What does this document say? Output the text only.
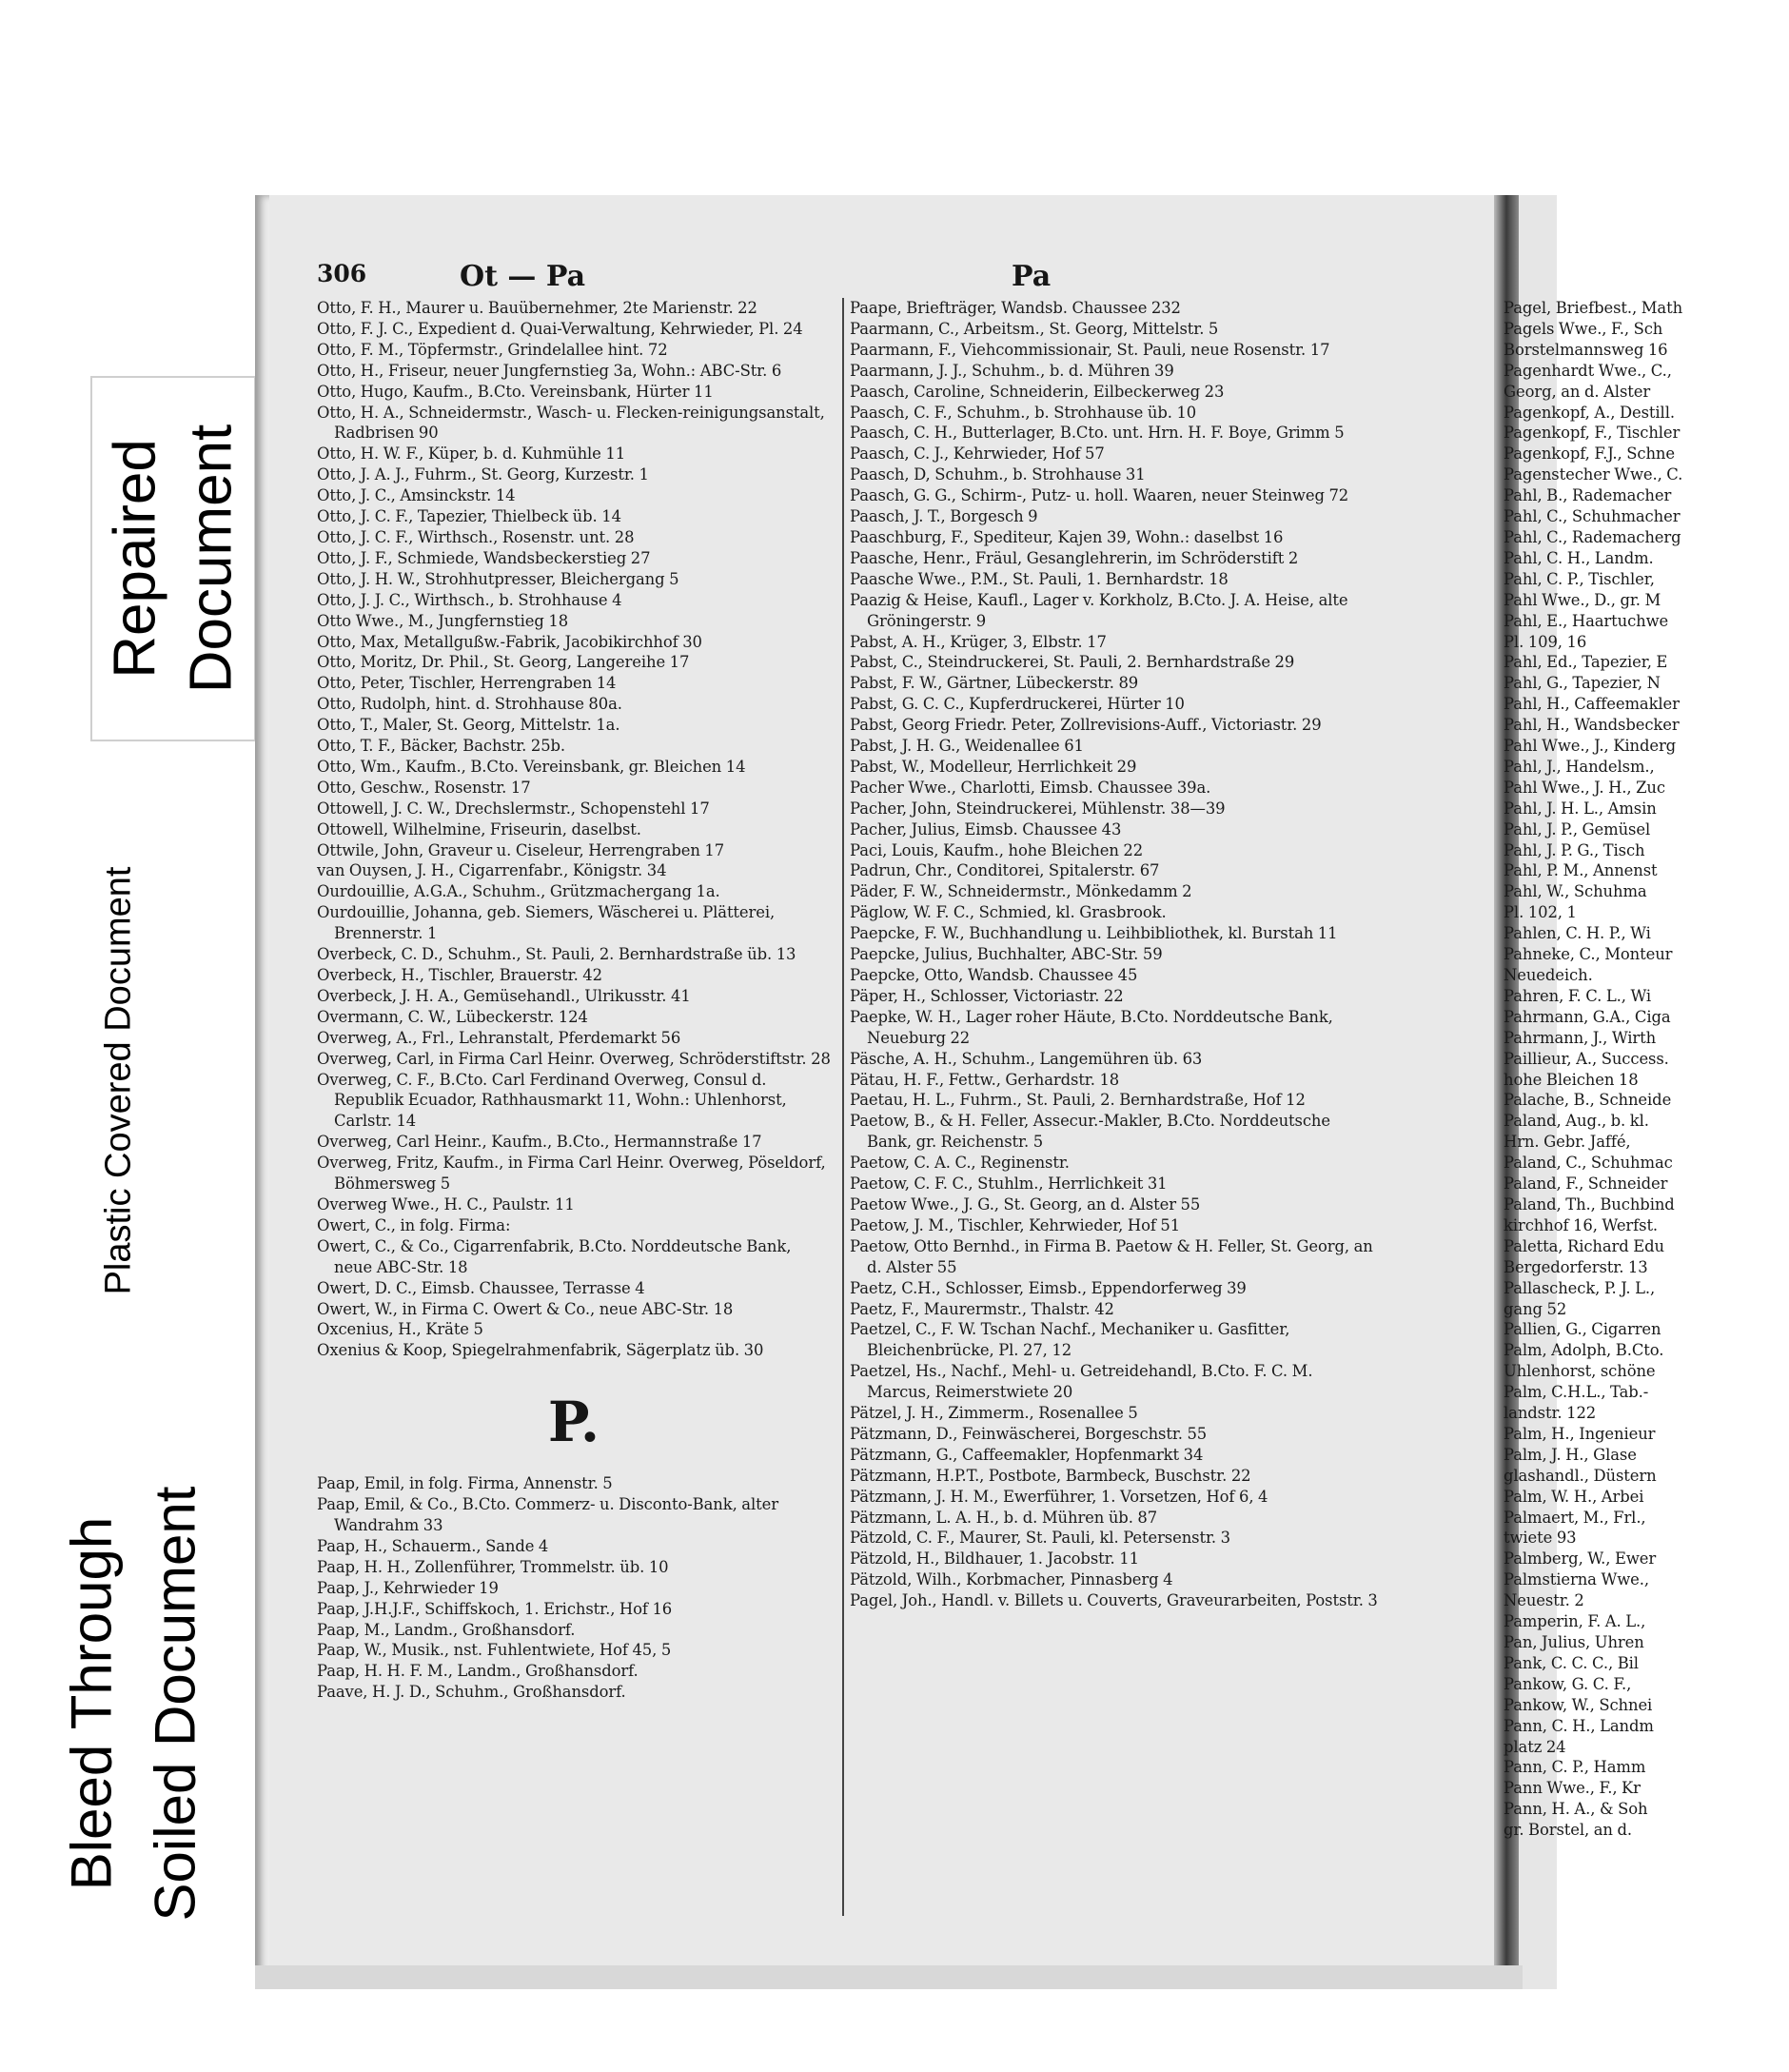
Repaired Document
Plastic Covered Document
Bleed Through Soiled Document
306	Ot — Pa	Pa
Otto, F. H., Maurer u. Bauübernehmer, 2te Marienstr. 22
Otto, F. J. C., Expedient d. Quai-Verwaltung, Kehrwieder, Pl. 24
Otto, F. M., Töpfermstr., Grindelallee hint. 72
Otto, H., Friseur, neuer Jungfernstieg 3a, Wohn.: ABC-Str. 6
Otto, Hugo, Kaufm., B.Cto. Vereinsbank, Hürter 11
Otto, H. A., Schneidermstr., Wasch- u. Flecken-reinigungsanstalt, Radbrisen 90
Otto, H. W. F., Küper, b. d. Kuhmühle 11
Otto, J. A. J., Fuhrm., St. Georg, Kurzestr. 1
Otto, J. C., Amsinckstr. 14
Otto, J. C. F., Tapezier, Thielbeck üb. 14
Otto, J. C. F., Wirthsch., Rosenstr. unt. 28
Otto, J. F., Schmiede, Wandsbeckerstieg 27
Otto, J. H. W., Strohhutpresser, Bleichergang 5
Otto, J. J. C., Wirthsch., b. Strohhause 4
Otto Wwe., M., Jungfernstieg 18
Otto, Max, Metallgußw.-Fabrik, Jacobikirchhof 30
Otto, Moritz, Dr. Phil., St. Georg, Langereihe 17
Otto, Peter, Tischler, Herrengraben 14
Otto, Rudolph, hint. d. Strohhause 80a.
Otto, T., Maler, St. Georg, Mittelstr. 1a.
Otto, T. F., Bäcker, Bachstr. 25b.
Otto, Wm., Kaufm., B.Cto. Vereinsbank, gr. Bleichen 14
Otto, Geschw., Rosenstr. 17
Ottowell, J. C. W., Drechslermstr., Schopenstehl 17
Ottowell, Wilhelmine, Friseurin, daselbst.
Ottwile, John, Graveur u. Ciseleur, Herrengraben 17
van Ouysen, J. H., Cigarrenfabr., Königstr. 34
Ourdouillie, A.G.A., Schuhm., Grützmachergang 1a.
Ourdouillie, Johanna, geb. Siemers, Wäscherei u. Plätterei, Brennerstr. 1
Overbeck, C. D., Schuhm., St. Pauli, 2. Bernhardstraße üb. 13
Overbeck, H., Tischler, Brauerstr. 42
Overbeck, J. H. A., Gemüsehandl., Ulrikusstr. 41
Overmann, C. W., Lübeckerstr. 124
Overweg, A., Frl., Lehranstalt, Pferdemarkt 56
Overweg, Carl, in Firma Carl Heinr. Overweg, Schröderstiftstr. 28
Overweg, C. F., B.Cto. Carl Ferdinand Overweg, Consul d. Republik Ecuador, Rathhausmarkt 11, Wohn.: Uhlenhorst, Carlstr. 14
Overweg, Carl Heinr., Kaufm., B.Cto., Hermannstraße 17
Overweg, Fritz, Kaufm., in Firma Carl Heinr. Overweg, Pöseldorf, Böhmersweg 5
Overweg Wwe., H. C., Paulstr. 11
Owert, C., in folg. Firma:
Owert, C., & Co., Cigarrenfabrik, B.Cto. Norddeutsche Bank, neue ABC-Str. 18
Owert, D. C., Eimsb. Chaussee, Terrasse 4
Owert, W., in Firma C. Owert & Co., neue ABC-Str. 18
Oxcenius, H., Kräte 5
Oxenius & Koop, Spiegelrahmenfabrik, Sägerplatz üb. 30
P.
Paap, Emil, in folg. Firma, Annenstr. 5
Paap, Emil, & Co., B.Cto. Commerz- u. Disconto-Bank, alter Wandrahm 33
Paap, H., Schauerm., Sande 4
Paap, H. H., Zollenführer, Trommelstr. üb. 10
Paap, J., Kehrwieder 19
Paap, J.H.J.F., Schiffskoch, 1. Erichstr., Hof 16
Paap, M., Landm., Großhansdorf.
Paap, W., Musik., nst. Fuhlentwiete, Hof 45, 5
Paap, H. H. F. M., Landm., Großhansdorf.
Paave, H. J. D., Schuhm., Großhansdorf.
Paape, Briefträger, Wandsb. Chaussee 232
Paarmann, C., Arbeitsm., St. Georg, Mittelstr. 5
Paarmann, F., Viehcommissionair, St. Pauli, neue Rosenstr. 17
Paarmann, J. J., Schuhm., b. d. Mühren 39
Paasch, Caroline, Schneiderin, Eilbeckerweg 23
Paasch, C. F., Schuhm., b. Strohhause üb. 10
Paasch, C. H., Butterlager, B.Cto. unt. Hrn. H. F. Boye, Grimm 5
Paasch, C. J., Kehrwieder, Hof 57
Paasch, D, Schuhm., b. Strohhause 31
Paasch, G. G., Schirm-, Putz- u. holl. Waaren, neuer Steinweg 72
Paasch, J. T., Borgesch 9
Paaschburg, F., Spediteur, Kajen 39, Wohn.: daselbst 16
Paasche, Henr., Fräul, Gesanglehrerin, im Schröderstift 2
Paasche Wwe., P.M., St. Pauli, 1. Bernhardstr. 18
Paazig & Heise, Kaufl., Lager v. Korkholz, B.Cto. J. A. Heise, alte Gröningerstr. 9
Pabst, A. H., Krüger, 3, Elbstr. 17
Pabst, C., Steindruckerei, St. Pauli, 2. Bernhardstraße 29
Pabst, F. W., Gärtner, Lübeckerstr. 89
Pabst, G. C. C., Kupferdruckerei, Hürter 10
Pabst, Georg Friedr. Peter, Zollrevisions-Auff., Victoriastr. 29
Pabst, J. H. G., Weidenallee 61
Pabst, W., Modelleur, Herrlichkeit 29
Pacher Wwe., Charlotti, Eimsb. Chaussee 39a.
Pacher, John, Steindruckerei, Mühlenstr. 38—39
Pacher, Julius, Eimsb. Chaussee 43
Paci, Louis, Kaufm., hohe Bleichen 22
Padrun, Chr., Conditorei, Spitalerstr. 67
Päder, F. W., Schneidermstr., Mönkedamm 2
Päglow, W. F. C., Schmied, kl. Grasbrook.
Paepcke, F. W., Buchhandlung u. Leihbibliothek, kl. Burstah 11
Paepcke, Julius, Buchhalter, ABC-Str. 59
Paepcke, Otto, Wandsb. Chaussee 45
Päper, H., Schlosser, Victoriastr. 22
Paepke, W. H., Lager roher Häute, B.Cto. Norddeutsche Bank, Neueburg 22
Päsche, A. H., Schuhm., Langemühren üb. 63
Pätau, H. F., Fettw., Gerhardstr. 18
Paetau, H. L., Fuhrm., St. Pauli, 2. Bernhardstraße, Hof 12
Paetow, B., & H. Feller, Assecur.-Makler, B.Cto. Norddeutsche Bank, gr. Reichenstr. 5
Paetow, C. A. C., Reginenstr.
Paetow, C. F. C., Stuhlm., Herrlichkeit 31
Paetow Wwe., J. G., St. Georg, an d. Alster 55
Paetow, J. M., Tischler, Kehrwieder, Hof 51
Paetow, Otto Bernhd., in Firma B. Paetow & H. Feller, St. Georg, an d. Alster 55
Paetz, C.H., Schlosser, Eimsb., Eppendorferweg 39
Paetz, F., Maurermstr., Thalstr. 42
Paetzel, C., F. W. Tschan Nachf., Mechaniker u. Gasfitter, Bleichenbrücke, Pl. 27, 12
Paetzel, Hs., Nachf., Mehl- u. Getreidehandl, B.Cto. F. C. M. Marcus, Reimerstwiete 20
Pätzel, J. H., Zimmerm., Rosenallee 5
Pätzmann, D., Feinwäscherei, Borgeschstr. 55
Pätzmann, G., Caffeemakler, Hopfenmarkt 34
Pätzmann, H.P.T., Postbote, Barmbeck, Buschstr. 22
Pätzmann, J. H. M., Ewerführer, 1. Vorsetzen, Hof 6, 4
Pätzmann, L. A. H., b. d. Mühren üb. 87
Pätzold, C. F., Maurer, St. Pauli, kl. Petersenstr. 3
Pätzold, H., Bildhauer, 1. Jacobstr. 11
Pätzold, Wilh., Korbmacher, Pinnasberg 4
Pagel, Joh., Handl. v. Billets u. Couverts, Graveurarbeiten, Poststr. 3
Pagel, Briefbest., Math
Pagels Wwe., F., Sch
Borstelmannsweg 16
Pagenhardt Wwe., C.,
Georg, an d. Alster
Pagenkopf, A., Destill.
Pagenkopf, F., Tischler
Pagenkopf, F.J., Schne
Pagenstecher Wwe., C.
Pahl, B., Rademacher
Pahl, C., Schuhmacher
Pahl, C., Rademacherg
Pahl, C. H., Landm.
Pahl, C. P., Tischler,
Pahl Wwe., D., gr. M
Pahl, E., Haartuchwe
Pl. 109, 16
Pahl, Ed., Tapezier, E
Pahl, G., Tapezier, N
Pahl, H., Caffeemakler
Pahl, H., Wandsbecker
Pahl Wwe., J., Kinderg
Pahl, J., Handelsm.,
Pahl Wwe., J. H., Zuc
Pahl, J. H. L., Amsin
Pahl, J. P., Gemüsel
Pahl, J. P. G., Tisch
Pahl, P. M., Annenst
Pahl, W., Schuhma
Pl. 102, 1
Pahlen, C. H. P., Wi
Pahneke, C., Monteur
Neuedeich.
Pahren, F. C. L., Wi
Pahrmann, G.A., Ciga
Pahrmann, J., Wirth
Paillieur, A., Success.
hohe Bleichen 18
Palache, B., Schneide
Paland, Aug., b. kl.
Hrn. Gebr. Jaffé,
Paland, C., Schuhmac
Paland, F., Schneider
Paland, Th., Buchbind
kirchhof 16, Werfst.
Paletta, Richard Edu
Bergedorferstr. 13
Pallascheck, P. J. L.,
gang 52
Pallien, G., Cigarren
Palm, Adolph, B.Cto.
Uhlenhorst, schöne
Palm, C.H.L., Tab.-
landstr. 122
Palm, H., Ingenieur
Palm, J. H., Glase
glashandl., Düstern
Palm, W. H., Arbei
Palmaert, M., Frl.,
twiete 93
Palmberg, W., Ewer
Palmstierna Wwe.,
Neuestr. 2
Pamperin, F. A. L.,
Pan, Julius, Uhren
Pank, C. C. C., Bil
Pankow, G. C. F.,
Pankow, W., Schnei
Pann, C. H., Landm
platz 24
Pann, C. P., Hamm
Pann Wwe., F., Kr
Pann, H. A., & Soh
gr. Borstel, an d.
